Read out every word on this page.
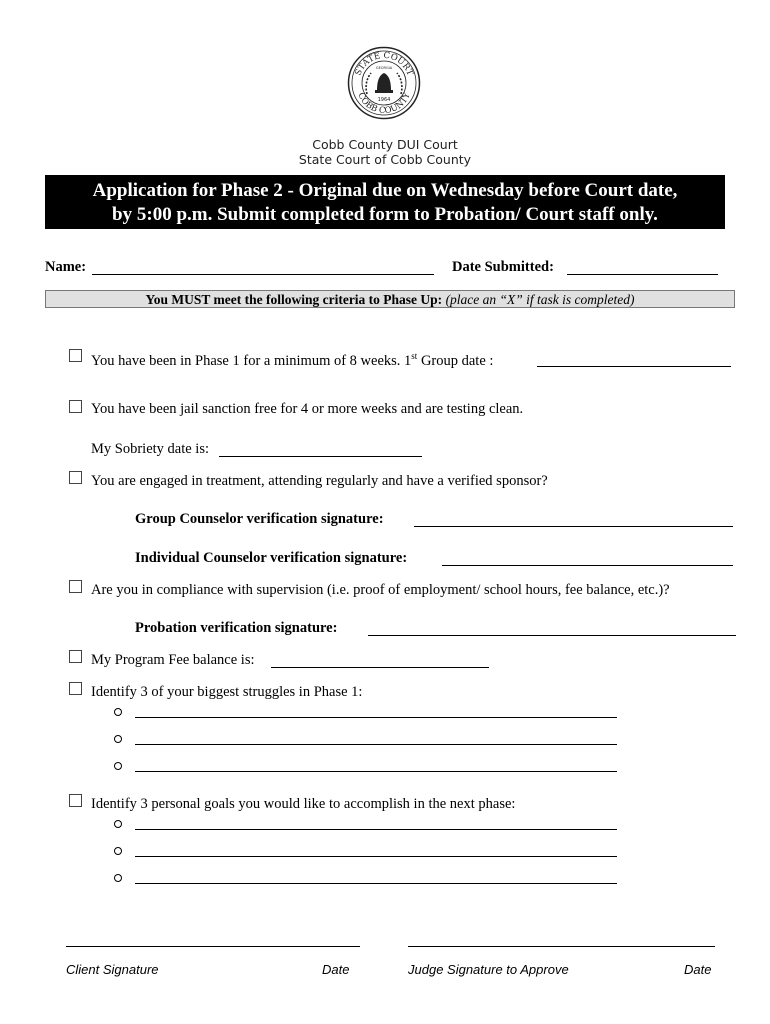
STATE COURT
COBB COUNTY
GEORGIA
1964
Cobb County DUI Court
State Court of Cobb County
Application for Phase 2 - Original due on Wednesday before Court date,
by 5:00 p.m. Submit completed form to Probation/ Court staff only.
Name:	Date Submitted:
You MUST meet the following criteria to Phase Up: (place an “X” if task is completed)
You have been in Phase 1 for a minimum of 8 weeks. 1st Group date :
You have been jail sanction free for 4 or more weeks and are testing clean.
My Sobriety date is:
You are engaged in treatment, attending regularly and have a verified sponsor?
Group Counselor verification signature:
Individual Counselor verification signature:
Are you in compliance with supervision (i.e. proof of employment/ school hours, fee balance, etc.)?
Probation verification signature:
My Program Fee balance is:
Identify 3 of your biggest struggles in Phase 1:
Identify 3 personal goals you would like to accomplish in the next phase:
Client Signature	Date	Judge Signature to Approve	Date
